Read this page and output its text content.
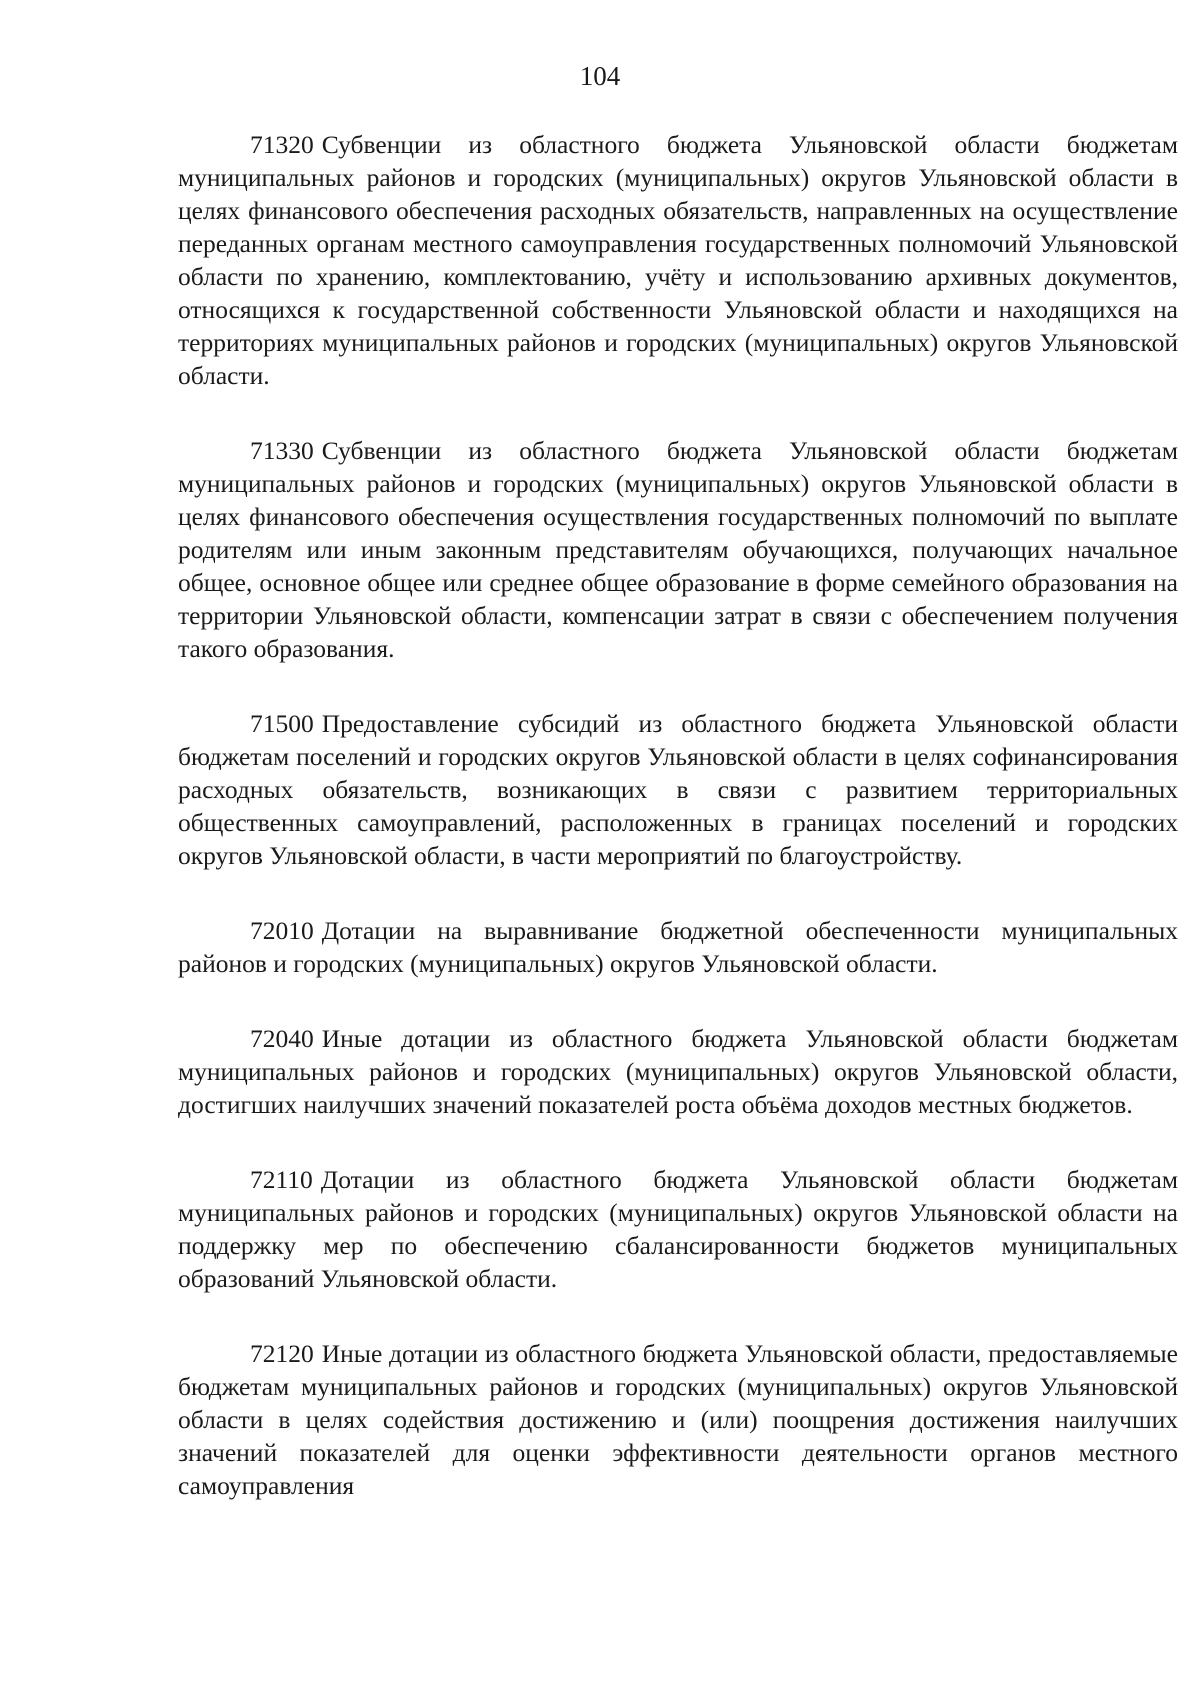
104

71320 Субвенции из областного бюджета Ульяновской области бюджетам муниципальных районов и городских (муниципальных) округов Ульяновской области в целях финансового обеспечения расходных обязательств, направленных на осуществление переданных органам местного самоуправления государственных полномочий Ульяновской области по хранению, комплектованию, учёту и использованию архивных документов, относящихся к государственной собственности Ульяновской области и находящихся на территориях муниципальных районов и городских (муниципальных) округов Ульяновской области.

71330 Субвенции из областного бюджета Ульяновской области бюджетам муниципальных районов и городских (муниципальных) округов Ульяновской области в целях финансового обеспечения осуществления государственных полномочий по выплате родителям или иным законным представителям обучающихся, получающих начальное общее, основное общее или среднее общее образование в форме семейного образования на территории Ульяновской области, компенсации затрат в связи с обеспечением получения такого образования.

71500 Предоставление субсидий из областного бюджета Ульяновской области бюджетам поселений и городских округов Ульяновской области в целях софинансирования расходных обязательств, возникающих в связи с развитием территориальных общественных самоуправлений, расположенных в границах поселений и городских округов Ульяновской области, в части мероприятий по благоустройству.

72010 Дотации на выравнивание бюджетной обеспеченности муниципальных районов и городских (муниципальных) округов Ульяновской области.

72040 Иные дотации из областного бюджета Ульяновской области бюджетам муниципальных районов и городских (муниципальных) округов Ульяновской области, достигших наилучших значений показателей роста объёма доходов местных бюджетов.

72110 Дотации из областного бюджета Ульяновской области бюджетам муниципальных районов и городских (муниципальных) округов Ульяновской области на поддержку мер по обеспечению сбалансированности бюджетов муниципальных образований Ульяновской области.

72120 Иные дотации из областного бюджета Ульяновской области, предоставляемые бюджетам муниципальных районов и городских (муниципальных) округов Ульяновской области в целях содействия достижению и (или) поощрения достижения наилучших значений показателей для оценки эффективности деятельности органов местного самоуправления
